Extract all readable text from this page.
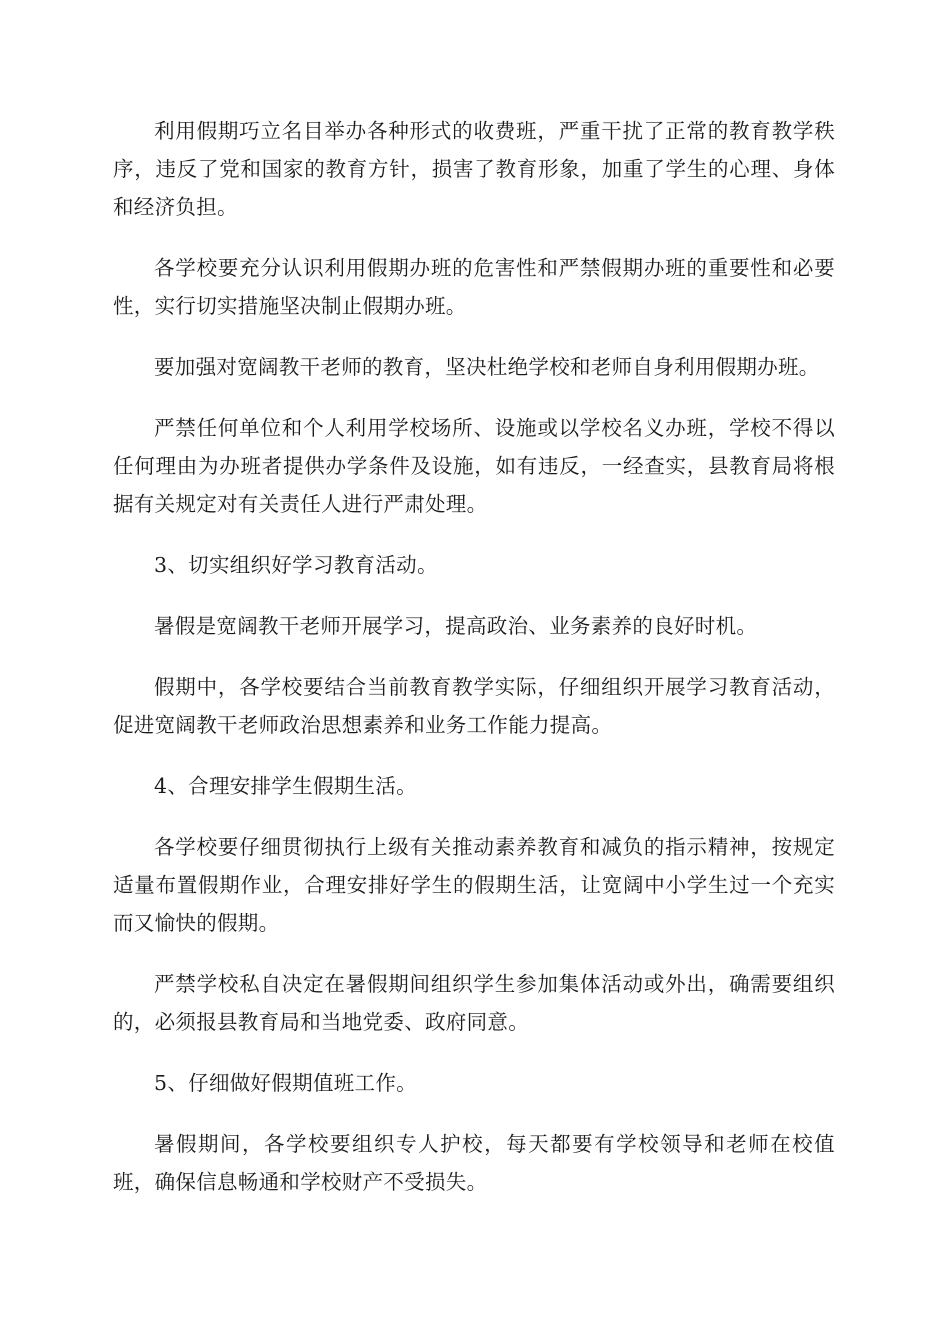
利用假期巧立名目举办各种形式的收费班，严重干扰了正常的教育教学秩序，违反了党和国家的教育方针，损害了教育形象，加重了学生的心理、身体和经济负担。

各学校要充分认识利用假期办班的危害性和严禁假期办班的重要性和必要性，实行切实措施坚决制止假期办班。

要加强对宽阔教干老师的教育，坚决杜绝学校和老师自身利用假期办班。

严禁任何单位和个人利用学校场所、设施或以学校名义办班，学校不得以任何理由为办班者提供办学条件及设施，如有违反，一经查实，县教育局将根据有关规定对有关责任人进行严肃处理。

3、切实组织好学习教育活动。

暑假是宽阔教干老师开展学习，提高政治、业务素养的良好时机。

假期中，各学校要结合当前教育教学实际，仔细组织开展学习教育活动，促进宽阔教干老师政治思想素养和业务工作能力提高。

4、合理安排学生假期生活。

各学校要仔细贯彻执行上级有关推动素养教育和减负的指示精神，按规定适量布置假期作业，合理安排好学生的假期生活，让宽阔中小学生过一个充实而又愉快的假期。

严禁学校私自决定在暑假期间组织学生参加集体活动或外出，确需要组织的，必须报县教育局和当地党委、政府同意。

5、仔细做好假期值班工作。

暑假期间，各学校要组织专人护校，每天都要有学校领导和老师在校值班，确保信息畅通和学校财产不受损失。
